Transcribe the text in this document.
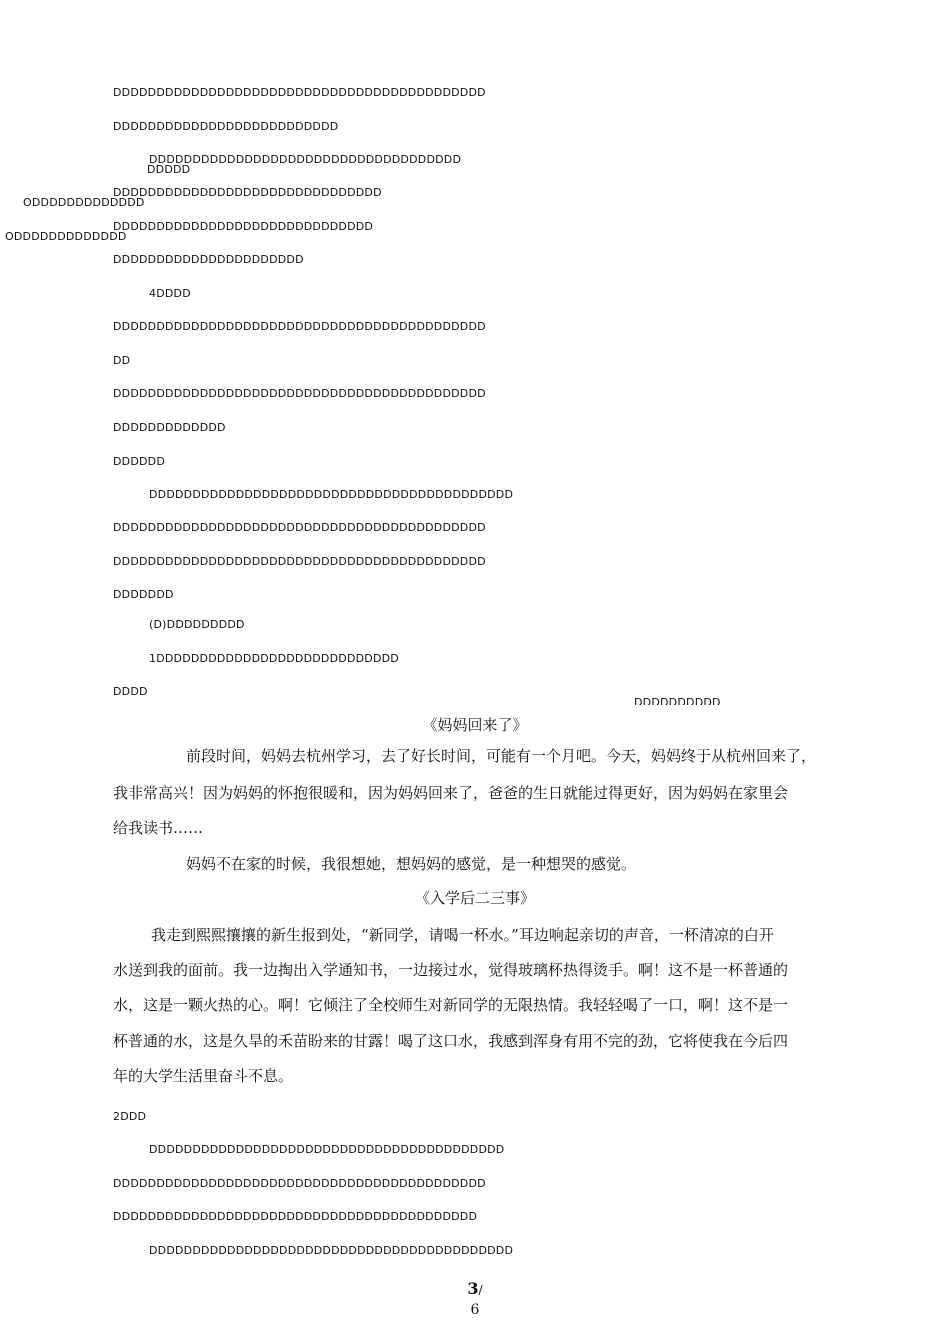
DDDDDDDDDDDDDDDDDDDDDDDDDDDDDDDDDDDDDDDDDDD
DDDDDDDDDDDDDDDDDDDDDDDDDD
DDDDDDDDDDDDDDDDDDDDDDDDDDDDDDDDDDDD
DDDDD
DDDDDDDDDDDDDDDDDDDDDDDDDDDDDDD
ODDDDDDDDDDDDD
DDDDDDDDDDDDDDDDDDDDDDDDDDDDDD
ODDDDDDDDDDDDD
DDDDDDDDDDDDDDDDDDDDDD
4DDDD
DDDDDDDDDDDDDDDDDDDDDDDDDDDDDDDDDDDDDDDDDDD
DD
DDDDDDDDDDDDDDDDDDDDDDDDDDDDDDDDDDDDDDDDDDD
DDDDDDDDDDDDD
DDDDDD
DDDDDDDDDDDDDDDDDDDDDDDDDDDDDDDDDDDDDDDDDD
DDDDDDDDDDDDDDDDDDDDDDDDDDDDDDDDDDDDDDDDDDD
DDDDDDDDDDDDDDDDDDDDDDDDDDDDDDDDDDDDDDDDDDD
DDDDDDD
(D)DDDDDDDDD
1DDDDDDDDDDDDDDDDDDDDDDDDDDDD
DDDD
DDDDDDDDDD
《妈妈回来了》
前段时间，妈妈去杭州学习，去了好长时间，可能有一个月吧。今天，妈妈终于从杭州回来了，
我非常高兴！因为妈妈的怀抱很暖和，因为妈妈回来了，爸爸的生日就能过得更好，因为妈妈在家里会
给我读书……
妈妈不在家的时候，我很想她，想妈妈的感觉，是一种想哭的感觉。
《入学后二三事》
我走到熙熙攘攘的新生报到处，“新同学，请喝一杯水。”耳边响起亲切的声音，一杯清凉的白开
水送到我的面前。我一边掏出入学通知书，一边接过水，觉得玻璃杯热得烫手。啊！这不是一杯普通的
水，这是一颗火热的心。啊！它倾注了全校师生对新同学的无限热情。我轻轻喝了一口，啊！这不是一
杯普通的水，这是久旱的禾苗盼来的甘露！喝了这口水，我感到浑身有用不完的劲，它将使我在今后四
年的大学生活里奋斗不息。
2DDD
DDDDDDDDDDDDDDDDDDDDDDDDDDDDDDDDDDDDDDDDD
DDDDDDDDDDDDDDDDDDDDDDDDDDDDDDDDDDDDDDDDDDD
DDDDDDDDDDDDDDDDDDDDDDDDDDDDDDDDDDDDDDDDDD
DDDDDDDDDDDDDDDDDDDDDDDDDDDDDDDDDDDDDDDDDD
3/
6
